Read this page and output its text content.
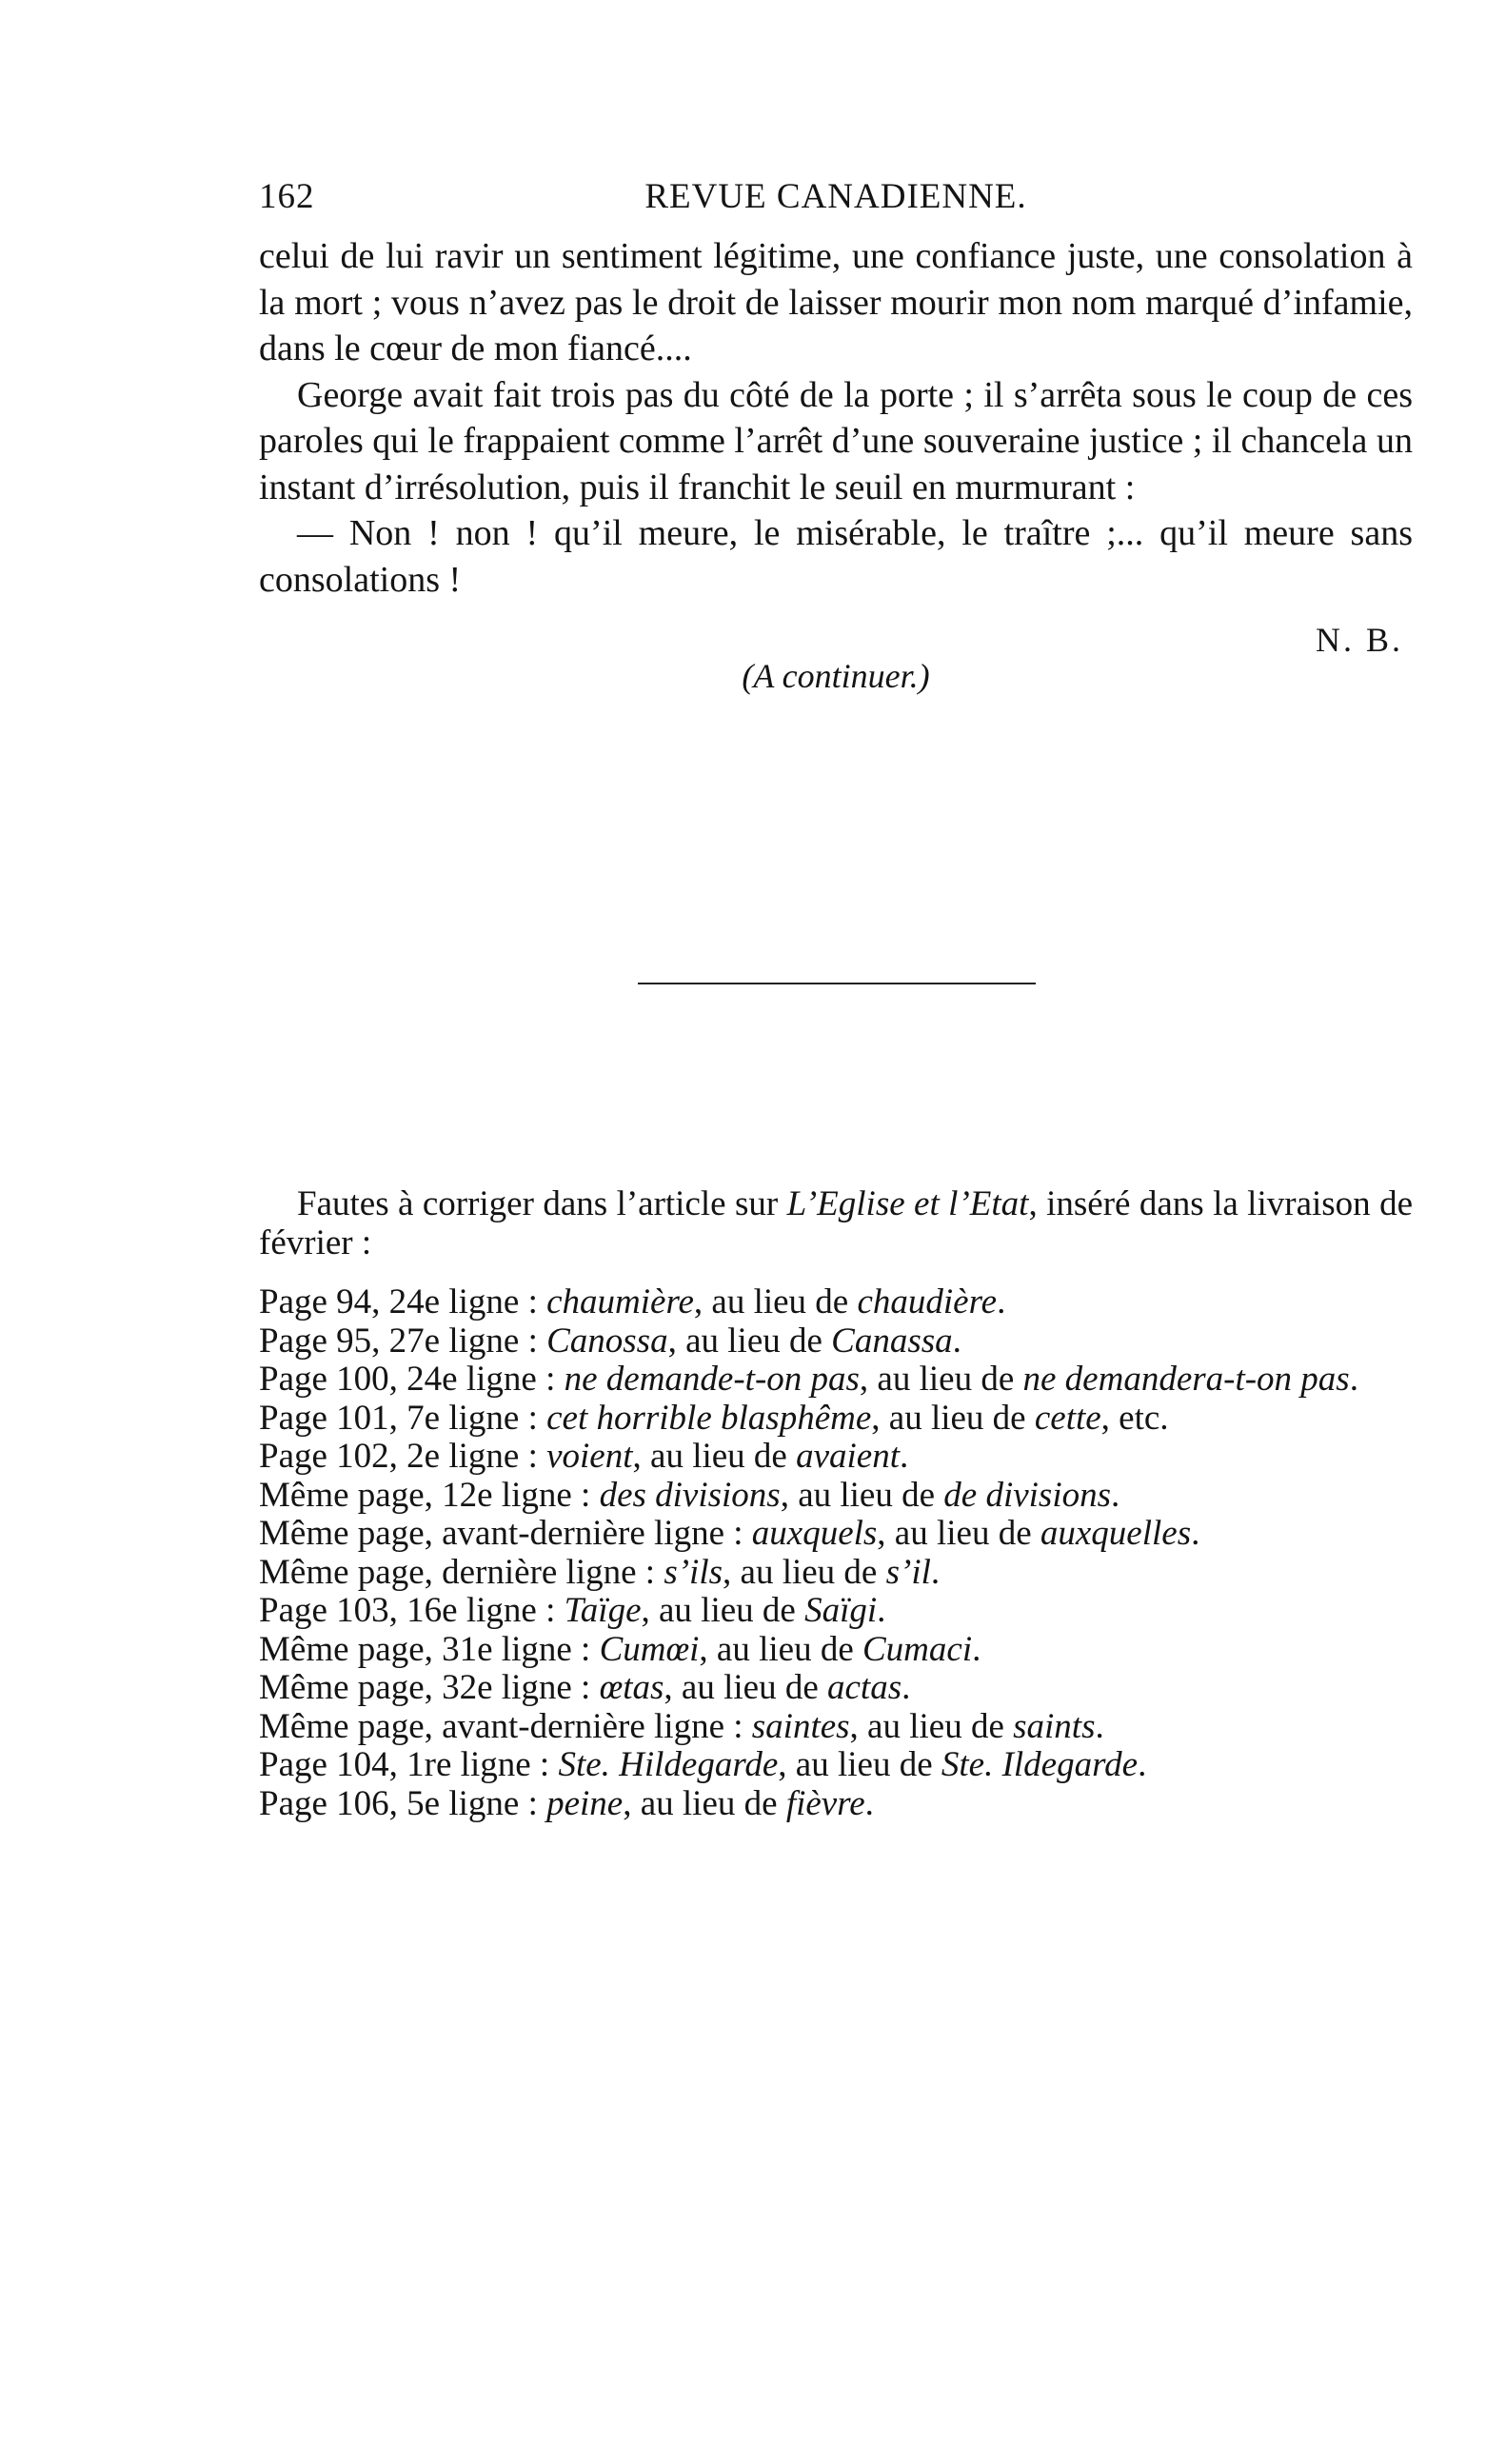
162	REVUE CANADIENNE.

celui de lui ravir un sentiment légitime, une confiance juste, une consolation à la mort ; vous n’avez pas le droit de laisser mourir mon nom marqué d’infamie, dans le cœur de mon fiancé....

George avait fait trois pas du côté de la porte ; il s’arrêta sous le coup de ces paroles qui le frappaient comme l’arrêt d’une souveraine justice ; il chancela un instant d’irrésolution, puis il franchit le seuil en murmurant :

— Non ! non ! qu’il meure, le misérable, le traître ;... qu’il meure sans consolations !

N. B.
(A continuer.)

Fautes à corriger dans l’article sur L’Eglise et l’Etat, inséré dans la livraison de février :

Page 94, 24e ligne : chaumière, au lieu de chaudière.
Page 95, 27e ligne : Canossa, au lieu de Canassa.
Page 100, 24e ligne : ne demande-t-on pas, au lieu de ne demandera-t-on pas.
Page 101, 7e ligne : cet horrible blasphême, au lieu de cette, etc.
Page 102, 2e ligne : voient, au lieu de avaient.
Même page, 12e ligne : des divisions, au lieu de de divisions.
Même page, avant-dernière ligne : auxquels, au lieu de auxquelles.
Même page, dernière ligne : s’ils, au lieu de s’il.
Page 103, 16e ligne : Taïge, au lieu de Saïgi.
Même page, 31e ligne : Cumœi, au lieu de Cumaci.
Même page, 32e ligne : œtas, au lieu de actas.
Même page, avant-dernière ligne : saintes, au lieu de saints.
Page 104, 1re ligne : Ste. Hildegarde, au lieu de Ste. Ildegarde.
Page 106, 5e ligne : peine, au lieu de fièvre.
